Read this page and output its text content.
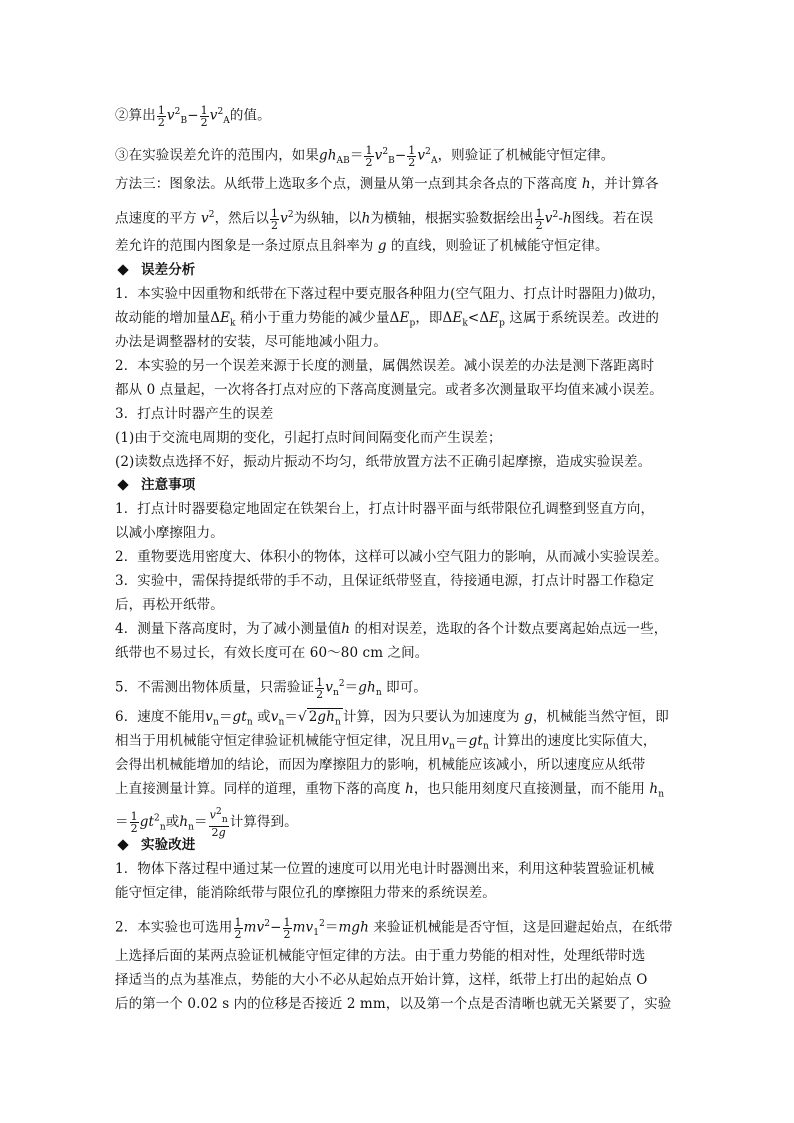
②算出 $\frac{1}{2} v^2_B- \frac{1}{2} v^2_A$的值。
③在实验误差允许的范围内，如果$gh_{AB}= \frac{1}{2} v^2_B- \frac{1}{2} v^2_A$，则验证了机械能守恒定律。
方法三：图象法。从纸带上选取多个点，测量从第一点到其余各点的下落高度 h，并计算各
点速度的平方 $v^2$，然后以 $\frac{1}{2} v^2$为纵轴，以h为横轴，根据实验数据绘出 $\frac{1}{2} v^2-h$图线。若在误
差允许的范围内图象是一条过原点且斜率为 g 的直线，则验证了机械能守恒定律。
误差分析
1．本实验中因重物和纸带在下落过程中要克服各种阻力(空气阻力、打点计时器阻力)做功，
故动能的增加量$\Delta E_k$ 稍小于重力势能的减少量$\Delta E_p$，即$\Delta E_k<\Delta E_p$ 这属于系统误差。改进的
办法是调整器材的安装，尽可能地减小阻力。
2．本实验的另一个误差来源于长度的测量，属偶然误差。减小误差的办法是测下落距离时
都从 0 点量起，一次将各打点对应的下落高度测量完。或者多次测量取平均值来减小误差。
3．打点计时器产生的误差
(1)由于交流电周期的变化，引起打点时间间隔变化而产生误差；
(2)读数点选择不好，振动片振动不均匀，纸带放置方法不正确引起摩擦，造成实验误差。
注意事项
1．打点计时器要稳定地固定在铁架台上，打点计时器平面与纸带限位孔调整到竖直方向，
以减小摩擦阻力。
2．重物要选用密度大、体积小的物体，这样可以减小空气阻力的影响，从而减小实验误差。
3．实验中，需保持提纸带的手不动，且保证纸带竖直，待接通电源，打点计时器工作稳定
后，再松开纸带。
4．测量下落高度时，为了减小测量值h 的相对误差，选取的各个计数点要离起始点远一些，
纸带也不易过长，有效长度可在 60～80 cm 之间。
5．不需测出物体质量，只需验证 $\frac{1}{2} v_n^2=gh_n$ 即可。
6．速度不能用$v_n=gt_n$ 或$v_n=√$ $2gh_n$ 计算，因为只要认为加速度为 g，机械能当然守恒，即
相当于用机械能守恒定律验证机械能守恒定律，况且用$v_n=gt_n$ 计算出的速度比实际值大，
会得出机械能增加的结论，而因为摩擦阻力的影响，机械能应该减小，所以速度应从纸带
上直接测量计算。同样的道理，重物下落的高度 h，也只能用刻度尺直接测量，而不能用 $h_n$
＝ $\frac{1}{2} gt^2_n$或$h_n= \frac{v^2_n}{2g}$ 计算得到。
实验改进
1．物体下落过程中通过某一位置的速度可以用光电计时器测出来，利用这种装置验证机械
能守恒定律，能消除纸带与限位孔的摩擦阻力带来的系统误差。
2．本实验也可选用 $\frac{1}{2} mv^2- \frac{1}{2} mv_1^2=mgh$ 来验证机械能是否守恒，这是回避起始点，在纸带
上选择后面的某两点验证机械能守恒定律的方法。由于重力势能的相对性，处理纸带时选
择适当的点为基准点，势能的大小不必从起始点开始计算，这样，纸带上打出的起始点 O
后的第一个 0.02 s 内的位移是否接近 2 mm，以及第一个点是否清晰也就无关紧要了，实验
